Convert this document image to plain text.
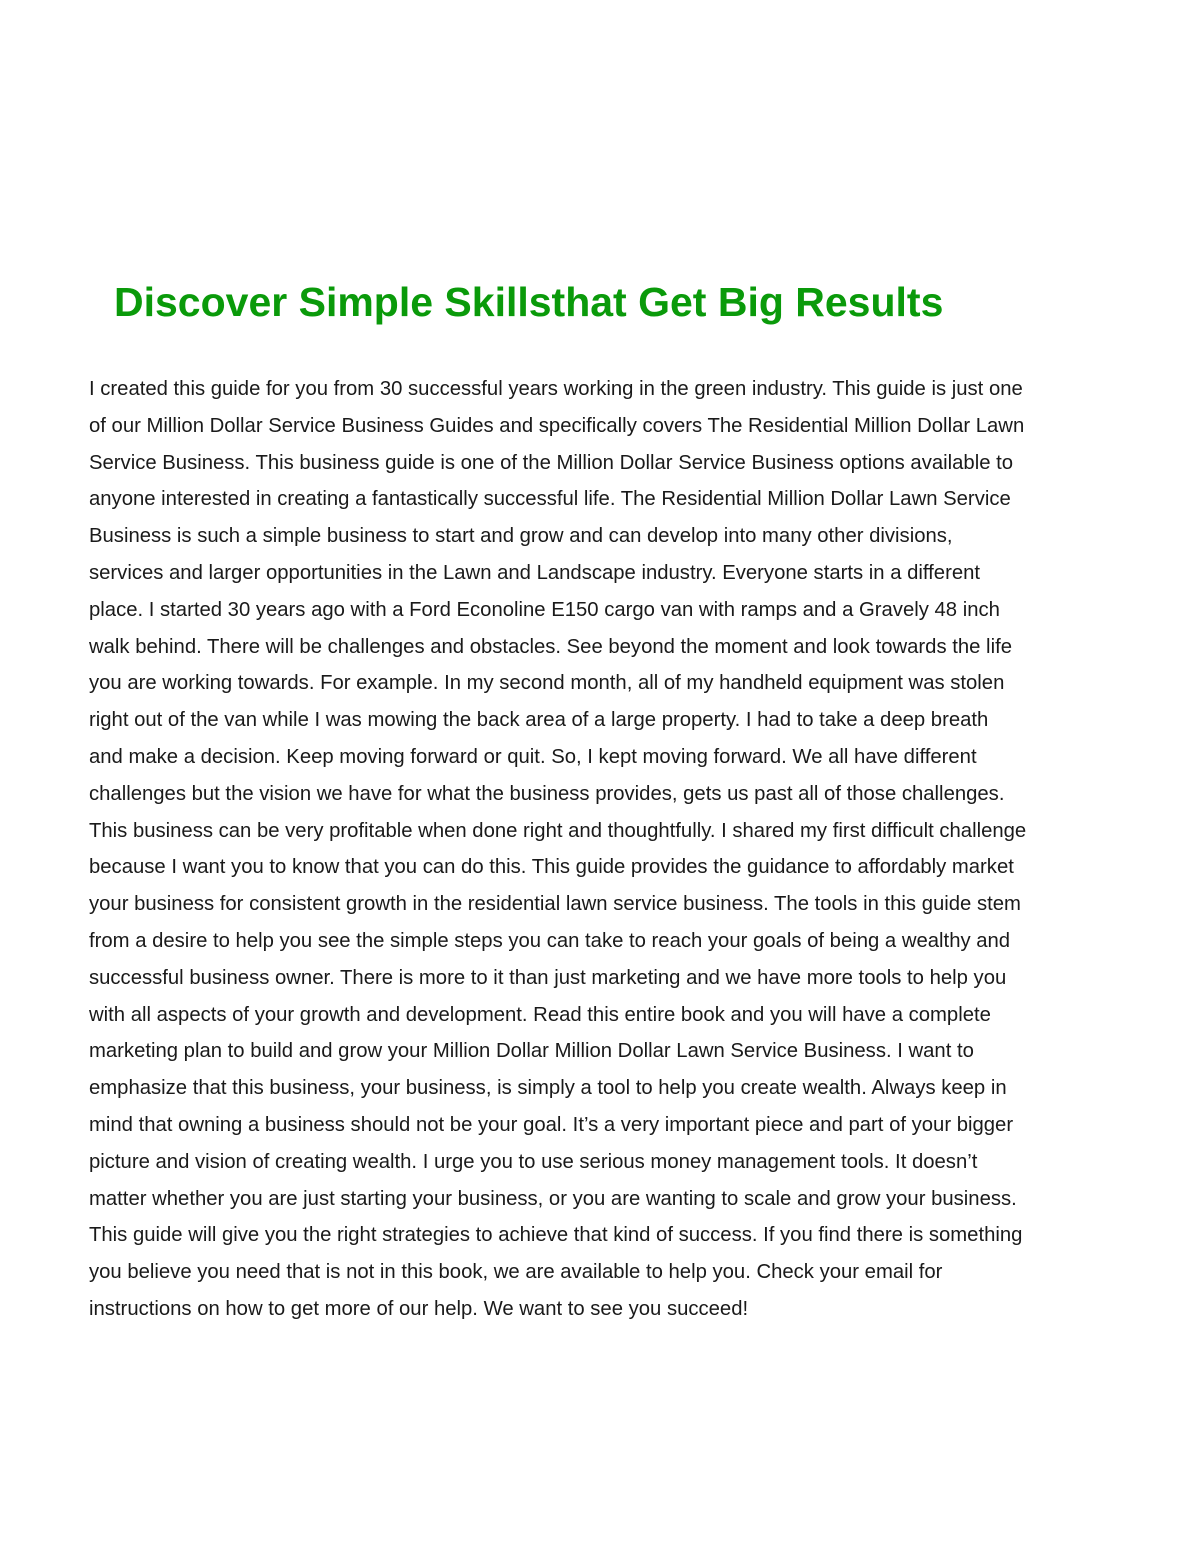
Discover Simple Skillsthat Get Big Results

I created this guide for you from 30 successful years working in the green industry. This guide is just one
of our Million Dollar Service Business Guides and specifically covers The Residential Million Dollar Lawn
Service Business. This business guide is one of the Million Dollar Service Business options available to
anyone interested in creating a fantastically successful life. The Residential Million Dollar Lawn Service
Business is such a simple business to start and grow and can develop into many other divisions,
services and larger opportunities in the Lawn and Landscape industry. Everyone starts in a different
place. I started 30 years ago with a Ford Econoline E150 cargo van with ramps and a Gravely 48 inch
walk behind. There will be challenges and obstacles. See beyond the moment and look towards the life
you are working towards. For example. In my second month, all of my handheld equipment was stolen
right out of the van while I was mowing the back area of a large property. I had to take a deep breath
and make a decision. Keep moving forward or quit. So, I kept moving forward. We all have different
challenges but the vision we have for what the business provides, gets us past all of those challenges.
This business can be very profitable when done right and thoughtfully. I shared my first difficult challenge
because I want you to know that you can do this. This guide provides the guidance to affordably market
your business for consistent growth in the residential lawn service business. The tools in this guide stem
from a desire to help you see the simple steps you can take to reach your goals of being a wealthy and
successful business owner. There is more to it than just marketing and we have more tools to help you
with all aspects of your growth and development. Read this entire book and you will have a complete
marketing plan to build and grow your Million Dollar Million Dollar Lawn Service Business. I want to
emphasize that this business, your business, is simply a tool to help you create wealth. Always keep in
mind that owning a business should not be your goal. It’s a very important piece and part of your bigger
picture and vision of creating wealth. I urge you to use serious money management tools. It doesn’t
matter whether you are just starting your business, or you are wanting to scale and grow your business.
This guide will give you the right strategies to achieve that kind of success. If you find there is something
you believe you need that is not in this book, we are available to help you. Check your email for
instructions on how to get more of our help. We want to see you succeed!
